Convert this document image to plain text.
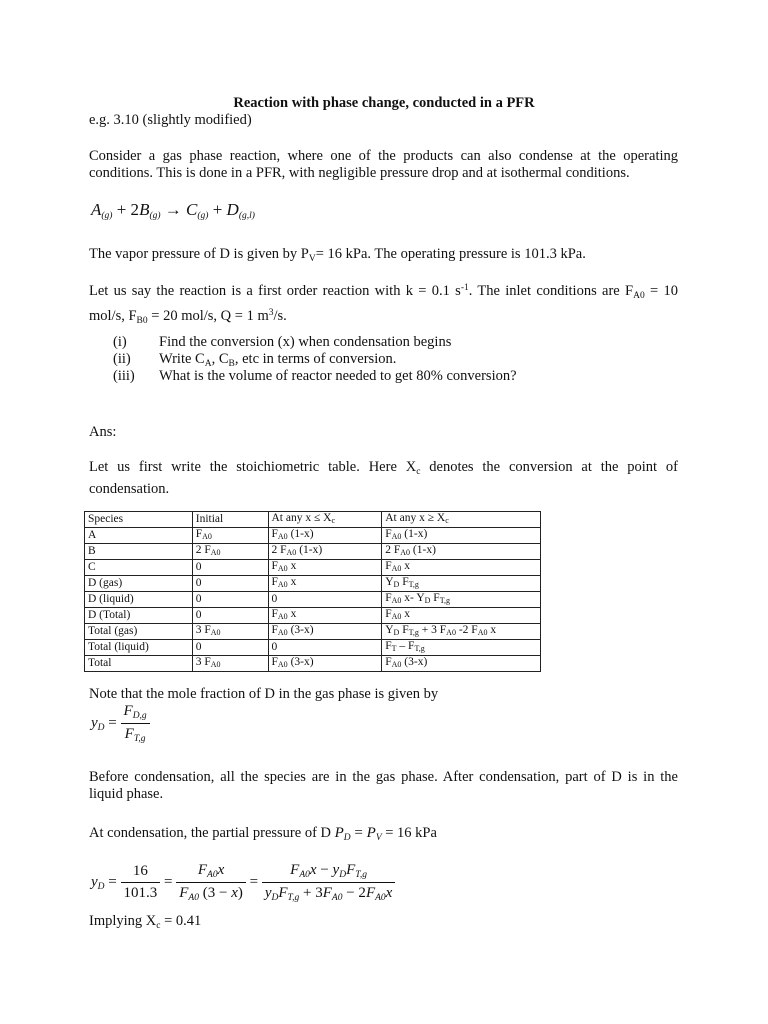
Reaction with phase change, conducted in a PFR
e.g. 3.10 (slightly modified)
Consider a gas phase reaction, where one of the products can also condense at the operating conditions. This is done in a PFR, with negligible pressure drop and at isothermal conditions.
$A_{(g)} + 2B_{(g)} \to C_{(g)} + D_{(g,l)}$
The vapor pressure of D is given by $P_V= 16$ kPa. The operating pressure is 101.3 kPa.
Let us say the reaction is a first order reaction with k = 0.1 $s^{-1}$. The inlet conditions are $F_{A0} = 10$ mol/s, $F_{B0} = 20$ mol/s, Q = 1 $m^3/s$.
(i) Find the conversion (x) when condensation begins
(ii) Write $C_A$, $C_B$, etc in terms of conversion.
(iii) What is the volume of reactor needed to get 80% conversion?
Ans:
Let us first write the stoichiometric table. Here $X_c$ denotes the conversion at the point of condensation.
Species	Initial	At any $x \le X_c$	At any $x \ge X_c$
A	$F_{A0}$	$F_{A0}$ (1-x)	$F_{A0}$ (1-x)
B	2 $F_{A0}$	2 $F_{A0}$ (1-x)	2 $F_{A0}$ (1-x)
C	0	$F_{A0}$ x	$F_{A0}$ x
D (gas)	0	$F_{A0}$ x	$Y_D$ $F_{T,g}$
D (liquid)	0	0	$F_{A0}$ x- $Y_D$ $F_{T,g}$
D (Total)	0	$F_{A0}$ x	$F_{A0}$ x
Total (gas)	3 $F_{A0}$	$F_{A0}$ (3-x)	$Y_D$ $F_{T,g} + 3$ $F_{A0}$ -2 $F_{A0}$ x
Total (liquid)	0	0	$F_T - F_{T,g}$
Total	3 $F_{A0}$	$F_{A0}$ (3-x)	$F_{A0}$ (3-x)
Note that the mole fraction of D in the gas phase is given by
$y_D = \frac{F_{D,g}}{F_{T,g}}$
Before condensation, all the species are in the gas phase. After condensation, part of D is in the liquid phase.
At condensation, the partial pressure of D $P_D = P_V = 16$ kPa
$y_D = \frac{16}{101.3} = \frac{F_{A0}x}{F_{A0} (3 - x)} = \frac{F_{A0}x - y_DF_{T,g}}{y_DF_{T,g} + 3F_{A0} - 2F_{A0}x}$
Implying $X_c = 0.41$
